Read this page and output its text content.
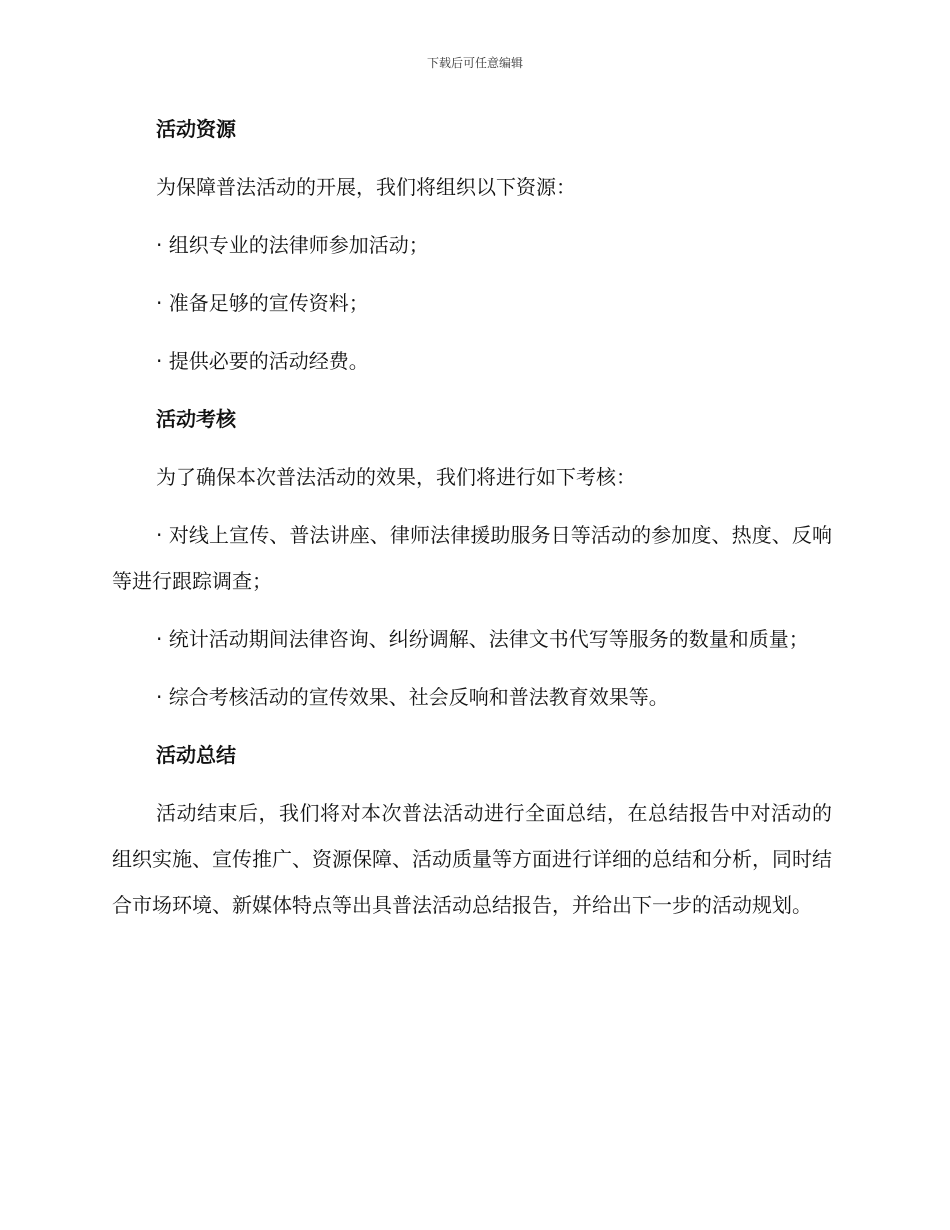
下载后可任意编辑
活动资源
为保障普法活动的开展，我们将组织以下资源：
· 组织专业的法律师参加活动；
· 准备足够的宣传资料；
· 提供必要的活动经费。
活动考核
为了确保本次普法活动的效果，我们将进行如下考核：
· 对线上宣传、普法讲座、律师法律援助服务日等活动的参加度、热度、反响等进行跟踪调查；
· 统计活动期间法律咨询、纠纷调解、法律文书代写等服务的数量和质量；
· 综合考核活动的宣传效果、社会反响和普法教育效果等。
活动总结
活动结束后，我们将对本次普法活动进行全面总结，在总结报告中对活动的组织实施、宣传推广、资源保障、活动质量等方面进行详细的总结和分析，同时结合市场环境、新媒体特点等出具普法活动总结报告，并给出下一步的活动规划。
